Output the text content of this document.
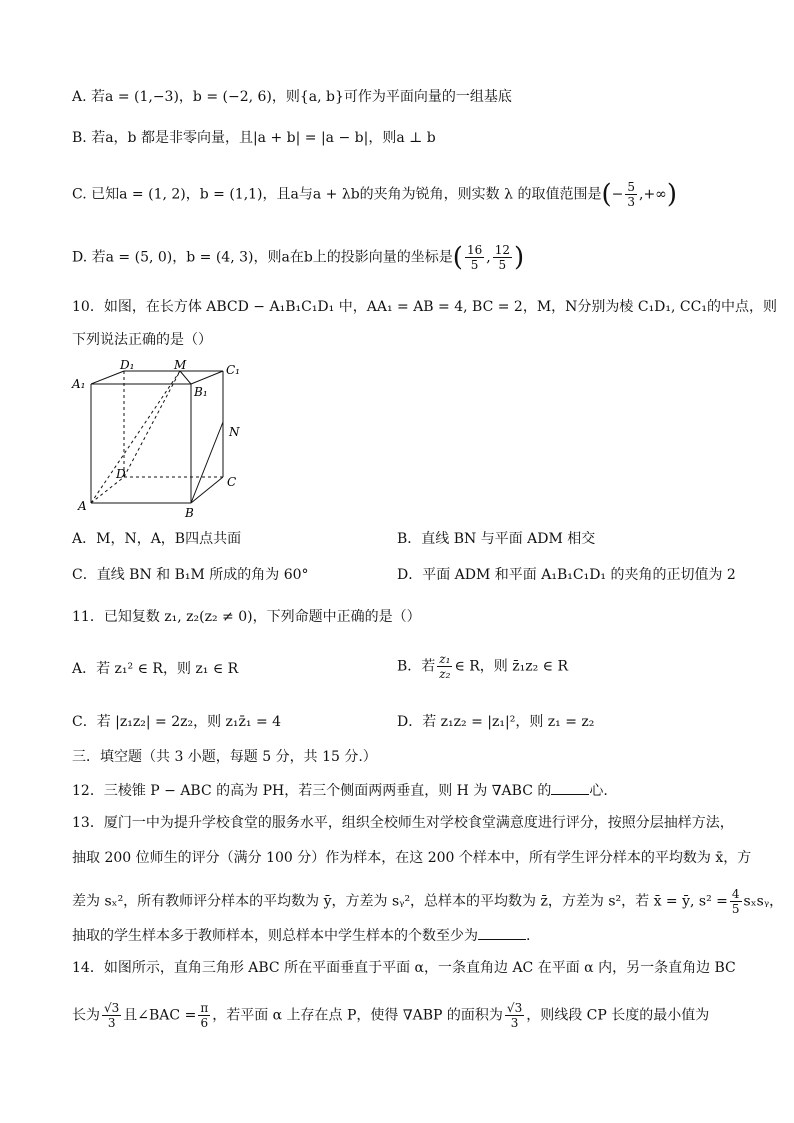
A. 若a = (1,−3)，b = (−2, 6)，则{a, b}可作为平面向量的一组基底
B. 若a，b 都是非零向量，且|a + b| = |a − b|，则a ⊥ b
C. 已知a = (1, 2)，b = (1,1)，且a与a + λb的夹角为锐角，则实数 λ 的取值范围是(− $\frac{5}{3}$ ,+∞)
D. 若a = (5, 0)，b = (4, 3)，则a在b上的投影向量的坐标是( $\frac{16}{5}$ , $\frac{12}{5}$ )
10．如图，在长方体 ABCD − A₁B₁C₁D₁ 中，AA₁ = AB = 4, BC = 2，M，N分别为棱 C₁D₁, CC₁的中点，则
下列说法正确的是（）
D₁	M	C₁
A₁
B₁
N
D
C
A	B
A．M，N，A，B四点共面	B．直线 BN 与平面 ADM 相交
C．直线 BN 和 B₁M 所成的角为 60°	D．平面 ADM 和平面 A₁B₁C₁D₁ 的夹角的正切值为 2
11．已知复数 z₁, z₂(z₂ ≠ 0)，下列命题中正确的是（）
A．若 z₁² ∈ R，则 z₁ ∈ R	B．若 $\frac{\text{z₁}}{\text{z₂}}$ ∈ R，则 z̄₁z₂ ∈ R
C．若 |z₁z₂| = 2z₂，则 z₁z̄₁ = 4	D．若 z₁z₂ = |z₁|²，则 z₁ = z₂
三．填空题（共 3 小题，每题 5 分，共 15 分.）
12．三棱锥 P − ABC 的高为 PH，若三个侧面两两垂直，则 H 为 ∇ABC 的	心.
13．厦门一中为提升学校食堂的服务水平，组织全校师生对学校食堂满意度进行评分，按照分层抽样方法，
抽取 200 位师生的评分（满分 100 分）作为样本，在这 200 个样本中，所有学生评分样本的平均数为 x̄，方
差为 sₓ²，所有教师评分样本的平均数为 ȳ，方差为 sᵧ²，总样本的平均数为 z̄，方差为 s²，若 x̄ = ȳ, $s^2 = \frac{4}{5}$ sₓsᵧ，
抽取的学生样本多于教师样本，则总样本中学生样本的个数至少为	.
14．如图所示，直角三角形 ABC 所在平面垂直于平面 α，一条直角边 AC 在平面 α 内，另一条直角边 BC
长为 $\frac{√3}{3}$ 且∠BAC = $\frac{\pi}{6}$ ，若平面 α 上存在点 P，使得 ∇ABP 的面积为 $\frac{√3}{3}$ ，则线段 CP 长度的最小值为
